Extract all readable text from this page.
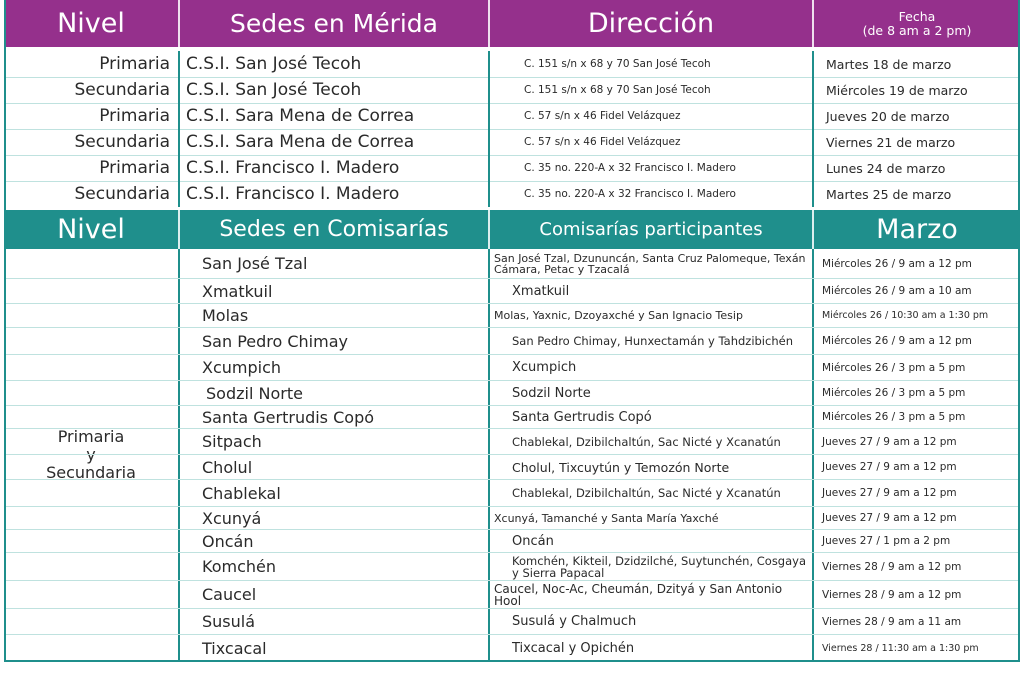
Nivel	Sedes en Mérida	Dirección	Fecha
(de 8 am a 2 pm)
Primaria C.S.I. San José Tecoh	C. 151 s/n x 68 y 70 San José Tecoh	Martes 18 de marzo
Secundaria C.S.I. San José Tecoh	C. 151 s/n x 68 y 70 San José Tecoh	Miércoles 19 de marzo
Primaria C.S.I. Sara Mena de Correa	C. 57 s/n x 46 Fidel Velázquez	Jueves 20 de marzo
Secundaria C.S.I. Sara Mena de Correa	C. 57 s/n x 46 Fidel Velázquez	Viernes 21 de marzo
Primaria C.S.I. Francisco I. Madero	C. 35 no. 220-A x 32 Francisco I. Madero	Lunes 24 de marzo
Secundaria C.S.I. Francisco I. Madero	C. 35 no. 220-A x 32 Francisco I. Madero	Martes 25 de marzo
Nivel	Sedes en Comisarías	Comisarías participantes	Marzo
Primaria
y
Secundaria
San José Tzal	San José Tzal, Dzununcán, Santa Cruz Palomeque, Texán Cámara, Petac y Tzacalá	Miércoles 26 / 9 am a 12 pm
Xmatkuil	Xmatkuil	Miércoles 26 / 9 am a 10 am
Molas	Molas, Yaxnic, Dzoyaxché y San Ignacio Tesip	Miércoles 26 / 10:30 am a 1:30 pm
San Pedro Chimay	San Pedro Chimay, Hunxectamán y Tahdzibichén	Miércoles 26 / 9 am a 12 pm
Xcumpich	Xcumpich	Miércoles 26 / 3 pm a 5 pm
Sodzil Norte	Sodzil Norte	Miércoles 26 / 3 pm a 5 pm
Santa Gertrudis Copó	Santa Gertrudis Copó	Miércoles 26 / 3 pm a 5 pm
Sitpach	Chablekal, Dzibilchaltún, Sac Nicté y Xcanatún	Jueves 27 / 9 am a 12 pm
Cholul	Cholul, Tixcuytún y Temozón Norte	Jueves 27 / 9 am a 12 pm
Chablekal	Chablekal, Dzibilchaltún, Sac Nicté y Xcanatún	Jueves 27 / 9 am a 12 pm
Xcunyá	Xcunyá, Tamanché y Santa María Yaxché	Jueves 27 / 9 am a 12 pm
Oncán	Oncán	Jueves 27 / 1 pm a 2 pm
Komchén	Komchén, Kikteil, Dzidzilché, Suytunchén, Cosgaya y Sierra Papacal	Viernes 28 / 9 am a 12 pm
Caucel	Caucel, Noc-Ac, Cheumán, Dzityá y San Antonio Hool	Viernes 28 / 9 am a 12 pm
Susulá	Susulá y Chalmuch	Viernes 28 / 9 am a 11 am
Tixcacal	Tixcacal y Opichén	Viernes 28 / 11:30 am a 1:30 pm
